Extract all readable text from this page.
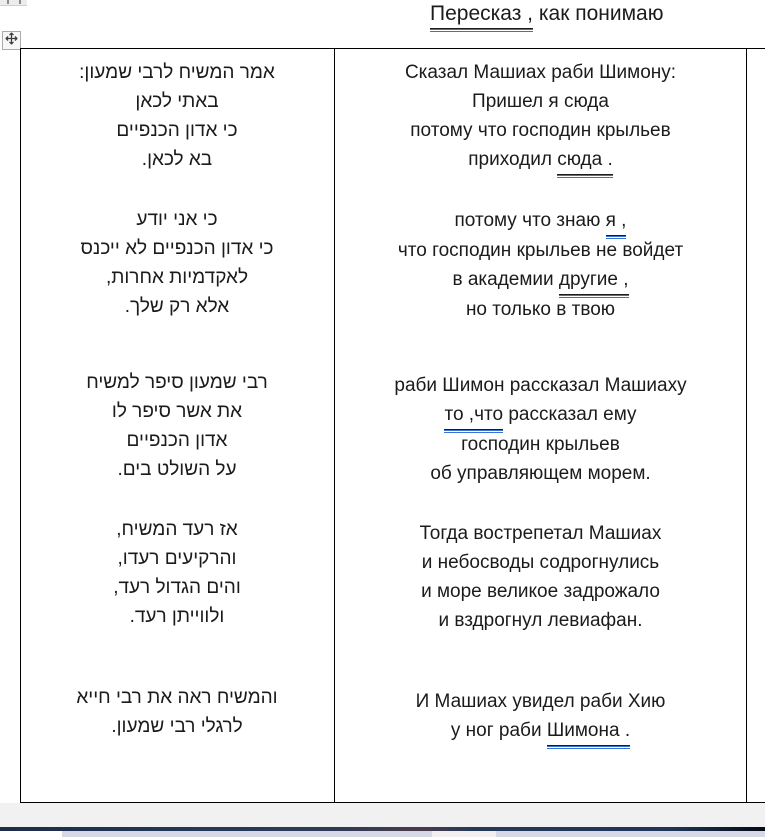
Пересказ , как понимаю

אמר המשיח לרבי שמעון:

באתי לכאן

כי אדון הכנפיים

בא לכאן.

כי אני יודע

כי אדון הכנפיים לא ייכנס

לאקדמיות אחרות,

אלא רק שלך.

רבי שמעון סיפר למשיח

את אשר סיפר לו

אדון הכנפיים

על השולט בים.

אז רעד המשיח,

והרקיעים רעדו,

והים הגדול רעד,

ולווייתן רעד.

והמשיח ראה את רבי חייא

לרגלי רבי שמעון.

Сказал Машиах раби Шимону:

Пришел я сюда

потому что господин крыльев

приходил сюда .

потому что знаю я ,

что господин крыльев не войдет

в академии другие ,

но только в твою

раби Шимон рассказал Машиаху

то ,что рассказал ему

господин крыльев

об управляющем морем.

Тогда вострепетал Машиах

и небосводы содрогнулись

и море великое задрожало

и вздрогнул левиафан.

И Машиах увидел раби Хию

у ног раби Шимона .
